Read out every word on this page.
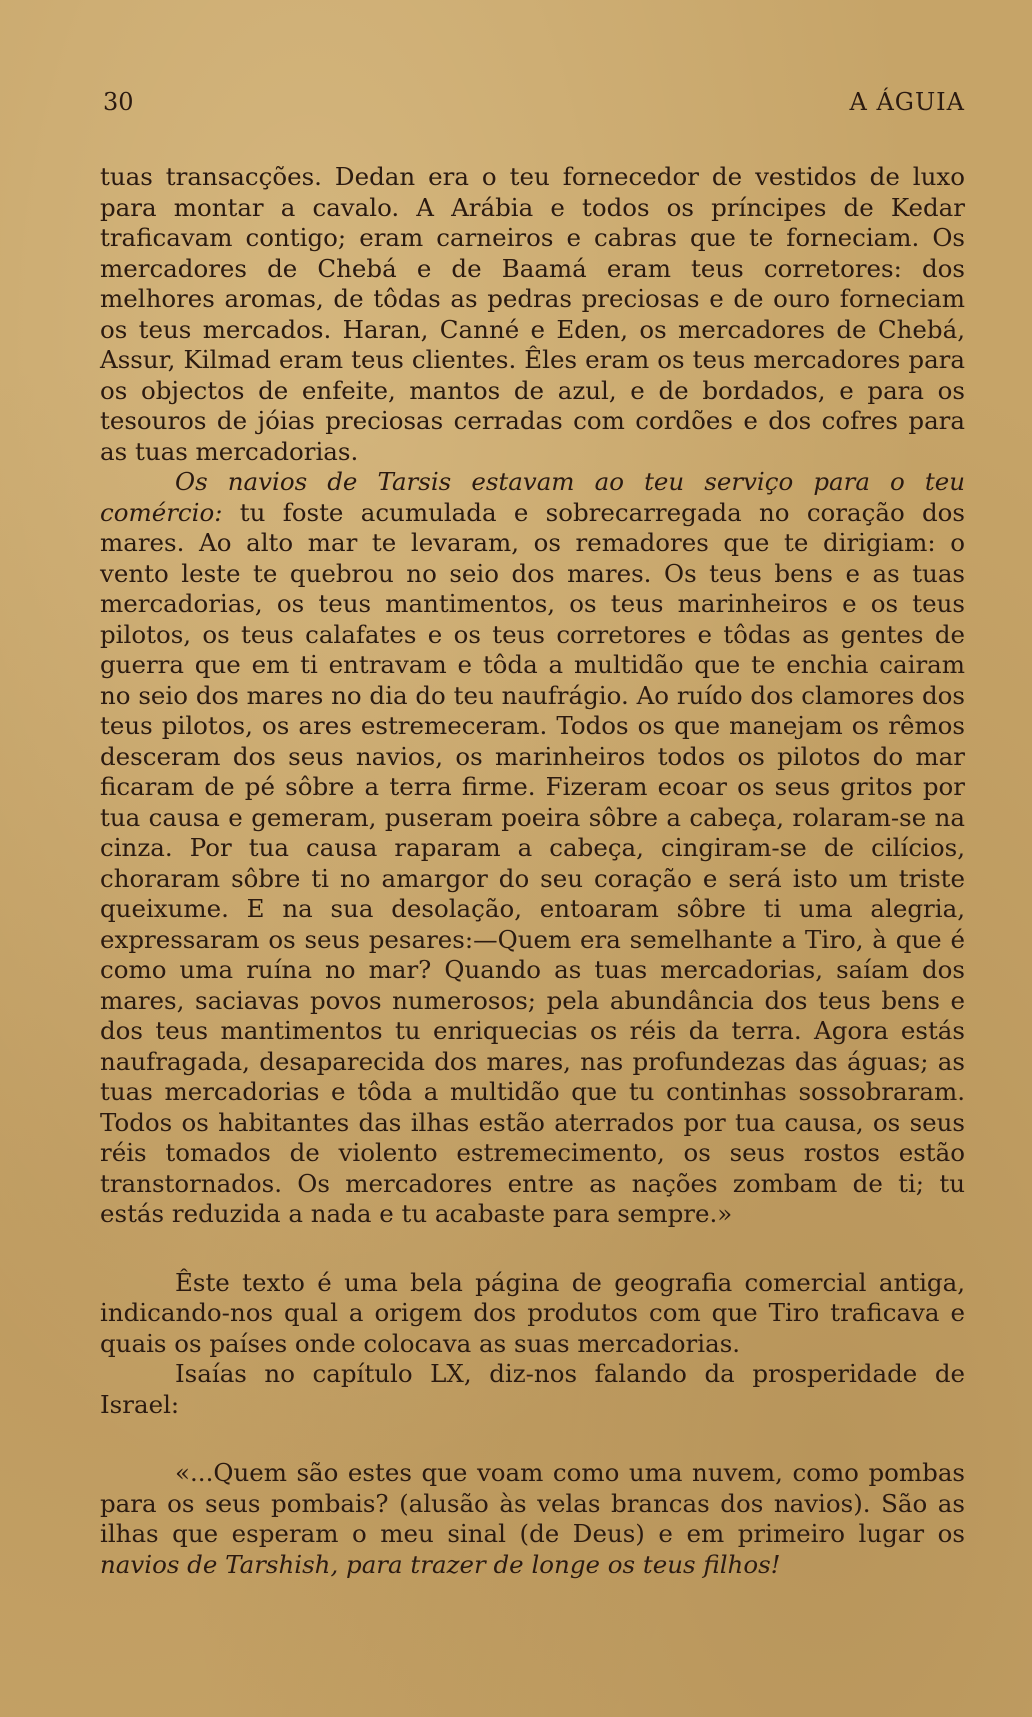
30	A ÁGUIA

tuas transacções. Dedan era o teu fornecedor de vestidos de luxo para montar a cavalo. A Arábia e todos os príncipes de Kedar traficavam contigo; eram carneiros e cabras que te forneciam. Os mercadores de Chebá e de Baamá eram teus corretores: dos melhores aromas, de tôdas as pedras preciosas e de ouro forneciam os teus mercados. Haran, Canné e Eden, os mercadores de Chebá, Assur, Kilmad eram teus clientes. Êles eram os teus mercadores para os objectos de enfeite, mantos de azul, e de bordados, e para os tesouros de jóias preciosas cerradas com cordões e dos cofres para as tuas mercadorias.

Os navios de Tarsis estavam ao teu serviço para o teu comércio: tu foste acumulada e sobrecarregada no coração dos mares. Ao alto mar te levaram, os remadores que te dirigiam: o vento leste te quebrou no seio dos mares. Os teus bens e as tuas mercadorias, os teus mantimentos, os teus marinheiros e os teus pilotos, os teus calafates e os teus corretores e tôdas as gentes de guerra que em ti entravam e tôda a multidão que te enchia cairam no seio dos mares no dia do teu naufrágio. Ao ruído dos clamores dos teus pilotos, os ares estremeceram. Todos os que manejam os rêmos desceram dos seus navios, os marinheiros todos os pilotos do mar ficaram de pé sôbre a terra firme. Fizeram ecoar os seus gritos por tua causa e gemeram, puseram poeira sôbre a cabeça, rolaram-se na cinza. Por tua causa raparam a cabeça, cingiram-se de cilícios, choraram sôbre ti no amargor do seu coração e será isto um triste queixume. E na sua desolação, entoaram sôbre ti uma alegria, expressaram os seus pesares:—Quem era semelhante a Tiro, à que é como uma ruína no mar? Quando as tuas mercadorias, saíam dos mares, saciavas povos numerosos; pela abundância dos teus bens e dos teus mantimentos tu enriquecias os réis da terra. Agora estás naufragada, desaparecida dos mares, nas profundezas das águas; as tuas mercadorias e tôda a multidão que tu continhas sossobraram. Todos os habitantes das ilhas estão aterrados por tua causa, os seus réis tomados de violento estremecimento, os seus rostos estão transtornados. Os mercadores entre as nações zombam de ti; tu estás reduzida a nada e tu acabaste para sempre.»

Êste texto é uma bela página de geografia comercial antiga, indicando-nos qual a origem dos produtos com que Tiro traficava e quais os países onde colocava as suas mercadorias.

Isaías no capítulo LX, diz-nos falando da prosperidade de Israel:

«...Quem são estes que voam como uma nuvem, como pombas para os seus pombais? (alusão às velas brancas dos navios). São as ilhas que esperam o meu sinal (de Deus) e em primeiro lugar os navios de Tarshish, para trazer de longe os teus filhos!
